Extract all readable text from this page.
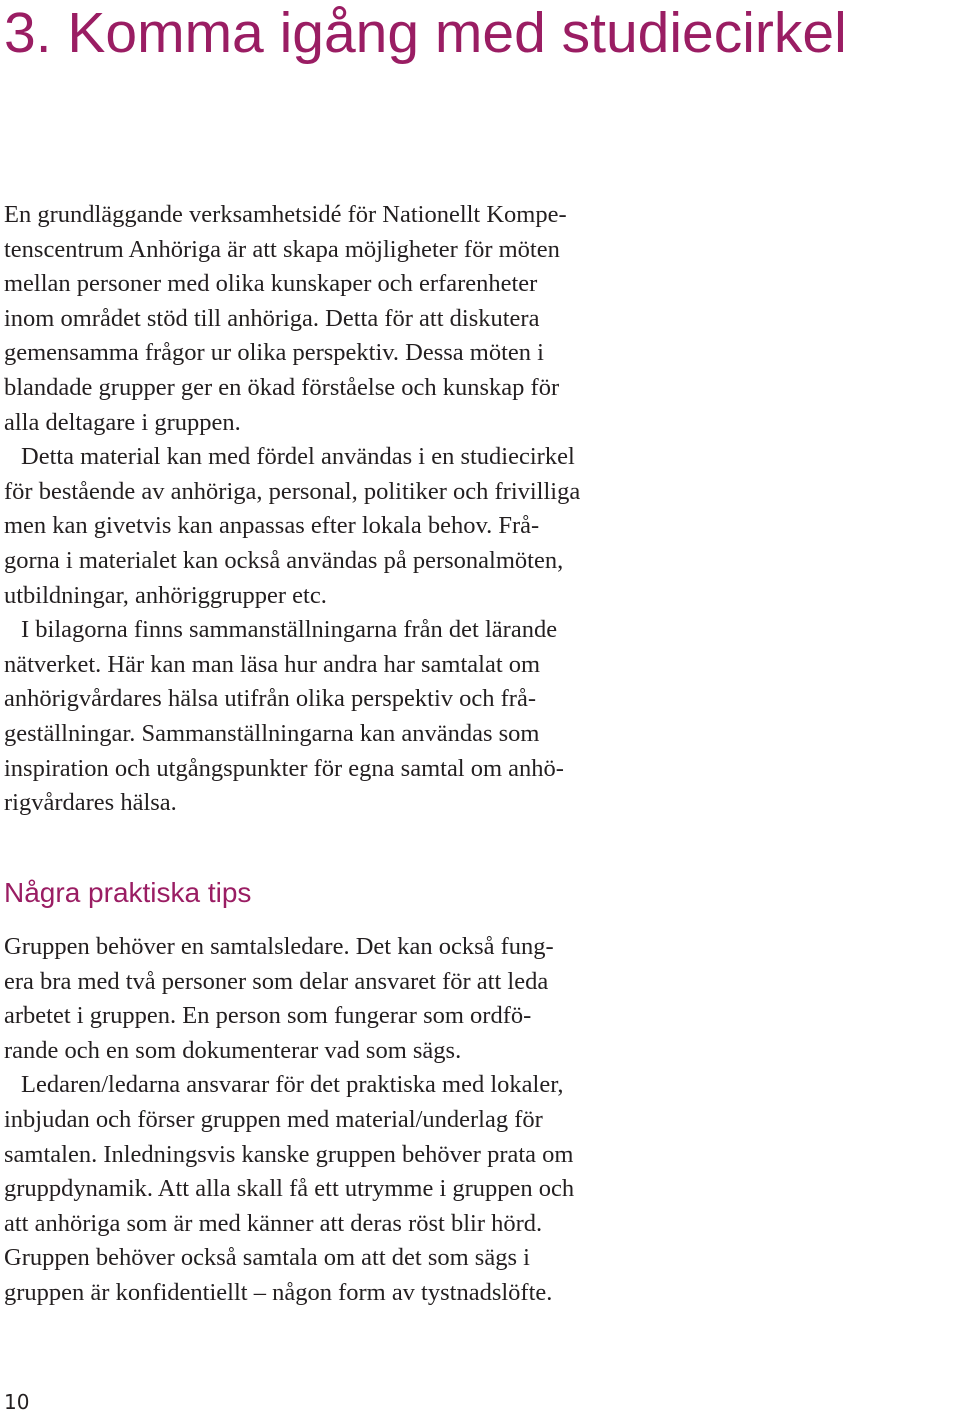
3. Komma igång med studiecirkel
En grundläggande verksamhetsidé för Nationellt Kompe-
tenscentrum Anhöriga är att skapa möjligheter för möten
mellan personer med olika kunskaper och erfarenheter
inom området stöd till anhöriga. Detta för att diskutera
gemensamma frågor ur olika perspektiv. Dessa möten i
blandade grupper ger en ökad förståelse och kunskap för
alla deltagare i gruppen.
Detta material kan med fördel användas i en studiecirkel
för bestående av anhöriga, personal, politiker och frivilliga
men kan givetvis kan anpassas efter lokala behov. Frå-
gorna i materialet kan också användas på personalmöten,
utbildningar, anhöriggrupper etc.
I bilagorna finns sammanställningarna från det lärande
nätverket. Här kan man läsa hur andra har samtalat om
anhörigvårdares hälsa utifrån olika perspektiv och frå-
geställningar. Sammanställningarna kan användas som
inspiration och utgångspunkter för egna samtal om anhö-
rigvårdares hälsa.
Några praktiska tips
Gruppen behöver en samtalsledare. Det kan också fung-
era bra med två personer som delar ansvaret för att leda
arbetet i gruppen. En person som fungerar som ordfö-
rande och en som dokumenterar vad som sägs.
Ledaren/ledarna ansvarar för det praktiska med lokaler,
inbjudan och förser gruppen med material/underlag för
samtalen. Inledningsvis kanske gruppen behöver prata om
gruppdynamik. Att alla skall få ett utrymme i gruppen och
att anhöriga som är med känner att deras röst blir hörd.
Gruppen behöver också samtala om att det som sägs i
gruppen är konfidentiellt – någon form av tystnadslöfte.
10
